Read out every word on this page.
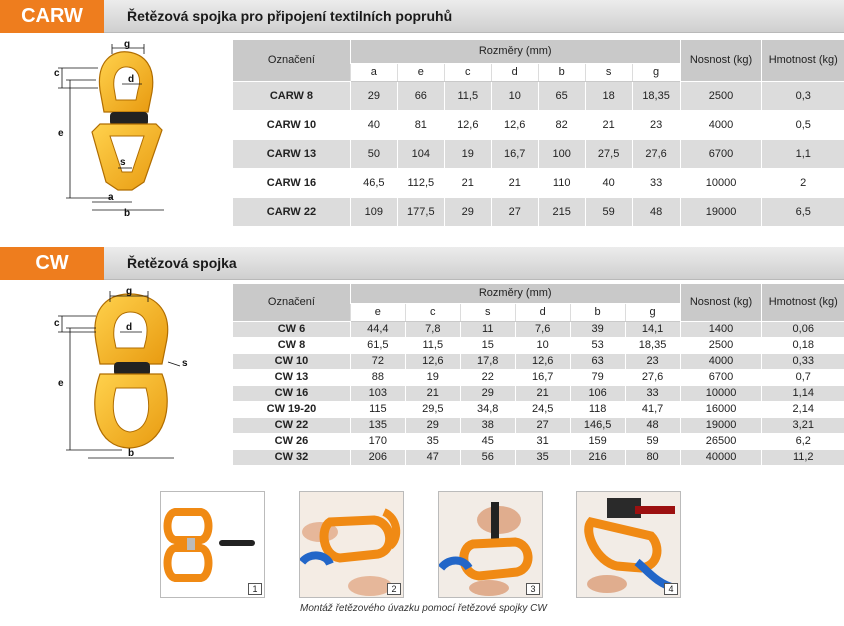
CARW	Řetězová spojka pro připojení textilních popruhů
g
c
d
e
s
a
b
Označení	Rozměry (mm)							Nosnost (kg)	Hmotnost (kg)
	a	e	c	d	b	s	g		
CARW 8	29	66	11,5	10	65	18	18,35	2500	0,3
CARW 10	40	81	12,6	12,6	82	21	23	4000	0,5
CARW 13	50	104	19	16,7	100	27,5	27,6	6700	1,1
CARW 16	46,5	112,5	21	21	110	40	33	10000	2
CARW 22	109	177,5	29	27	215	59	48	19000	6,5
CW	Řetězová spojka
g
c	d
e
s
b
Označení	Rozměry (mm)						Nosnost (kg)	Hmotnost (kg)
	e	c	s	d	b	g		
CW 6	44,4	7,8	11	7,6	39	14,1	1400	0,06
CW 8	61,5	11,5	15	10	53	18,35	2500	0,18
CW 10	72	12,6	17,8	12,6	63	23	4000	0,33
CW 13	88	19	22	16,7	79	27,6	6700	0,7
CW 16	103	21	29	21	106	33	10000	1,14
CW 19-20	115	29,5	34,8	24,5	118	41,7	16000	2,14
CW 22	135	29	38	27	146,5	48	19000	3,21
CW 26	170	35	45	31	159	59	26500	6,2
CW 32	206	47	56	35	216	80	40000	11,2
1	2	3	4
Montáž řetězového úvazku pomocí řetězové spojky CW
